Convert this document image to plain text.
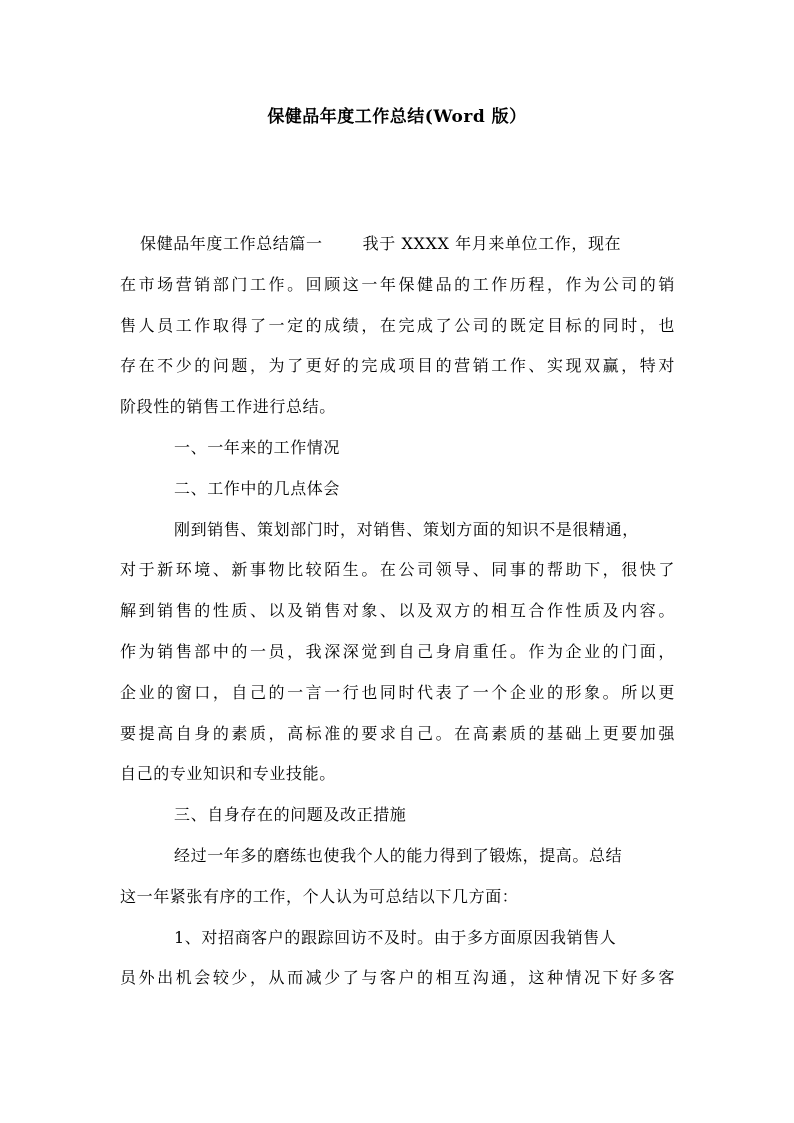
保健品年度工作总结(Word 版）
保健品年度工作总结篇一	我于 XXXX 年月来单位工作，现在
在 市 场 营 销 部 门 工 作 。 回 顾 这 一 年 保 健 品 的 工 作 历 程 ， 作 为 公 司 的 销
售 人 员 工 作 取 得 了 一 定 的 成 绩 ， 在 完 成 了 公 司 的 既 定 目 标 的 同 时 ， 也
存 在 不 少 的 问 题 ， 为 了 更 好 的 完 成 项 目 的 营 销 工 作 、 实 现 双 赢 ， 特 对
阶段性的销售工作进行总结。
一、一年来的工作情况
二、工作中的几点体会
刚到销售、策划部门时，对销售、策划方面的知识不是很精通，
对 于 新 环 境 、 新 事 物 比 较 陌 生 。 在 公 司 领 导 、 同 事 的 帮 助 下 ， 很 快 了
解 到 销 售 的 性 质 、 以 及 销 售 对 象 、 以 及 双 方 的 相 互 合 作 性 质 及 内 容 。
作 为 销 售 部 中 的 一 员 ， 我 深 深 觉 到 自 己 身 肩 重 任 。 作 为 企 业 的 门 面 ，
企 业 的 窗 口 ， 自 己 的 一 言 一 行 也 同 时 代 表 了 一 个 企 业 的 形 象 。 所 以 更
要 提 高 自 身 的 素 质 ， 高 标 准 的 要 求 自 己 。 在 高 素 质 的 基 础 上 更 要 加 强
自己的专业知识和专业技能。
三、自身存在的问题及改正措施
经过一年多的磨练也使我个人的能力得到了锻炼，提高。总结
这一年紧张有序的工作，个人认为可总结以下几方面：
1、对招商客户的跟踪回访不及时。由于多方面原因我销售人
员 外 出 机 会 较 少 ， 从 而 减 少 了 与 客 户 的 相 互 沟 通 ， 这 种 情 况 下 好 多 客
